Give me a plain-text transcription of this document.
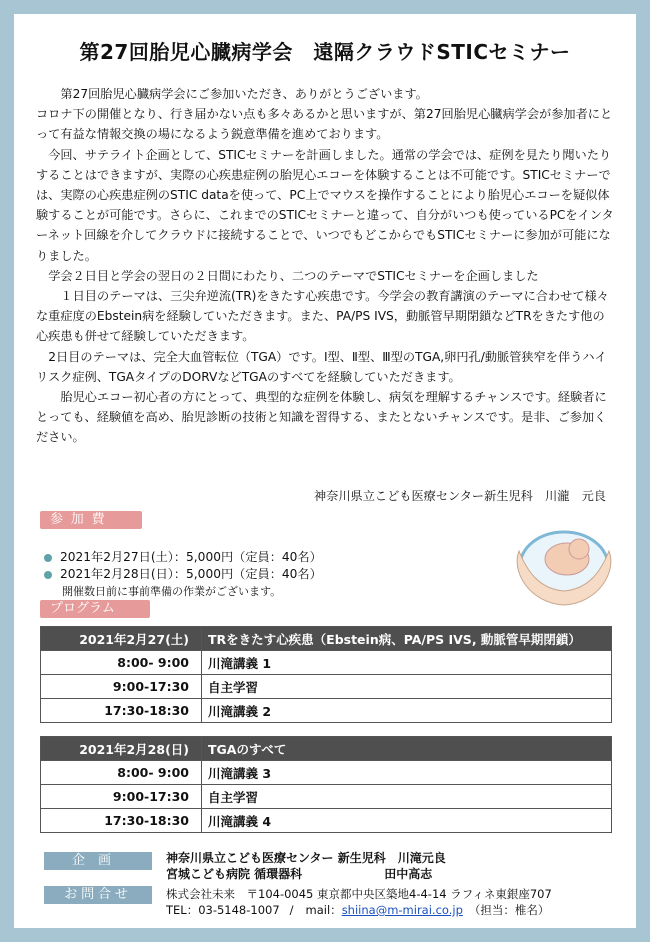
第27回胎児心臓病学会　遠隔クラウドSTICセミナー

第27回胎児心臓病学会にご参加いただき、ありがとうございます。

コロナ下の開催となり、行き届かない点も多々あるかと思いますが、第27回胎児心臓病学会が参加者にとって有益な情報交換の場になるよう鋭意準備を進めております。

今回、サテライト企画として、STICセミナーを計画しました。通常の学会では、症例を見たり聞いたりすることはできますが、実際の心疾患症例の胎児心エコーを体験することは不可能です。STICセミナーでは、実際の心疾患症例のSTIC dataを使って、PC上でマウスを操作することにより胎児心エコーを疑似体験することが可能です。さらに、これまでのSTICセミナーと違って、自分がいつも使っているPCをインターネット回線を介してクラウドに接続することで、いつでもどこからでもSTICセミナーに参加が可能になりました。

学会２日目と学会の翌日の２日間にわたり、二つのテーマでSTICセミナーを企画しました

１日目のテーマは、三尖弁逆流(TR)をきたす心疾患です。今学会の教育講演のテーマに合わせて様々な重症度のEbstein病を経験していただきます。また、PA/PS IVS，動脈管早期閉鎖などTRをきたす他の心疾患も併せて経験していただきます。

2日目のテーマは、完全大血管転位（TGA）です。Ⅰ型、Ⅱ型、Ⅲ型のTGA,卵円孔/動脈管狭窄を伴うハイリスク症例、TGAタイプのDORVなどTGAのすべてを経験していただきます。

胎児心エコー初心者の方にとって、典型的な症例を体験し、病気を理解するチャンスです。経験者にとっても、経験値を高め、胎児診断の技術と知識を習得する、またとないチャンスです。是非、ご参加ください。

神奈川県立こども医療センター新生児科　川瀧　元良
参加費
2021年2月27日(土）：5,000円（定員：40名）
2021年2月28日(日）：5,000円（定員：40名）
開催数日前に事前準備の作業がございます。
プログラム
2021年2月27(土)	TRをきたす心疾患（Ebstein病、PA/PS IVS, 動脈管早期閉鎖）
8:00- 9:00	川滝講義 1
9:00-17:30	自主学習
17:30-18:30	川滝講義 2
2021年2月28(日)	TGAのすべて
8:00- 9:00	川滝講義 3
9:00-17:30	自主学習
17:30-18:30	川滝講義 4
企画	神奈川県立こども医療センター 新生児科　川滝元良
宮城こども病院 循環器科	田中高志
お問合せ	株式会社未来　〒104-0045 東京都中央区築地4-4-14 ラフィネ東銀座707
TEL：03-5148-1007 / mail：shiina@m-mirai.co.jp （担当：椎名）
